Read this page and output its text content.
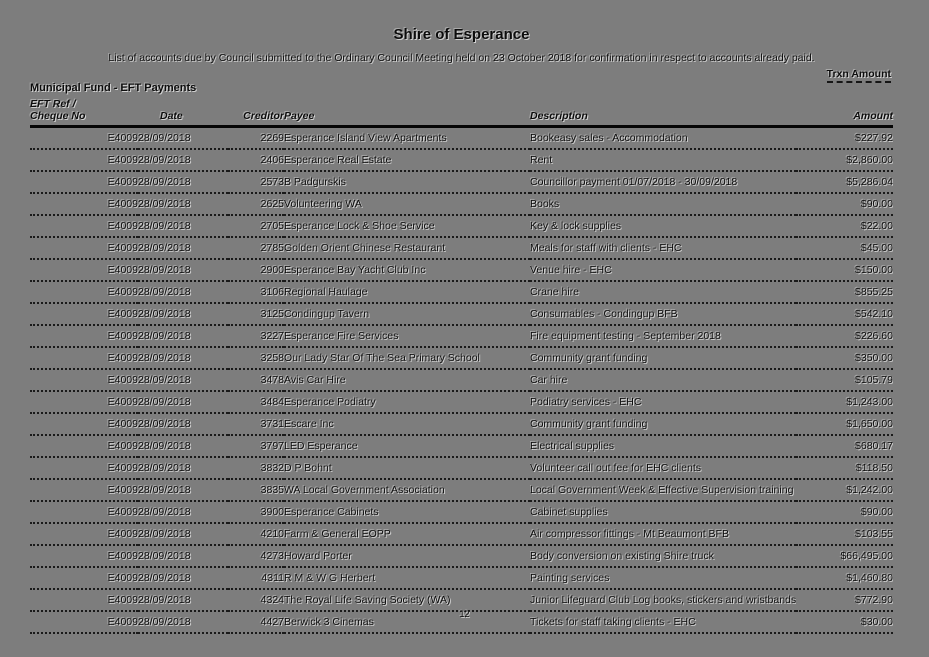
Shire of Esperance
List of accounts due by Council submitted to the Ordinary Council Meeting held on 23 October 2018 for confirmation in respect to accounts already paid.
Trxn Amount
Municipal Fund - EFT Payments
EFT Ref /
Cheque No	Date	Creditor	Payee	Description	Amount
E4009	28/09/2018	2269	Esperance Island View Apartments	Bookeasy sales - Accommodation	$227.92
E4009	28/09/2018	2406	Esperance Real Estate	Rent	$2,860.00
E4009	28/09/2018	2573	B Padgurskis	Councillor payment 01/07/2018 - 30/09/2018	$5,286.04
E4009	28/09/2018	2625	Volunteering WA	Books	$90.00
E4009	28/09/2018	2705	Esperance Lock & Shoe Service	Key & lock supplies	$22.00
E4009	28/09/2018	2785	Golden Orient Chinese Restaurant	Meals for staff with clients - EHC	$45.00
E4009	28/09/2018	2900	Esperance Bay Yacht Club Inc	Venue hire - EHC	$150.00
E4009	28/09/2018	3106	Regional Haulage	Crane hire	$855.25
E4009	28/09/2018	3125	Condingup Tavern	Consumables - Condingup BFB	$542.10
E4009	28/09/2018	3227	Esperance Fire Services	Fire equipment testing - September 2018	$226.60
E4009	28/09/2018	3258	Our Lady Star Of The Sea Primary School	Community grant funding	$350.00
E4009	28/09/2018	3478	Avis Car Hire	Car hire	$105.79
E4009	28/09/2018	3484	Esperance Podiatry	Podiatry services - EHC	$1,243.00
E4009	28/09/2018	3731	Escare Inc	Community grant funding	$1,650.00
E4009	28/09/2018	3797	LED Esperance	Electrical supplies	$680.17
E4009	28/09/2018	3832	D P Bohnt	Volunteer call out fee for EHC clients	$118.50
E4009	28/09/2018	3835	WA Local Government Association	Local Government Week & Effective Supervision training	$1,242.00
E4009	28/09/2018	3900	Esperance Cabinets	Cabinet supplies	$90.00
E4009	28/09/2018	4210	Farm & General EOPP	Air compressor fittings - Mt Beaumont BFB	$103.55
E4009	28/09/2018	4273	Howard Porter	Body conversion on existing Shire truck	$66,495.00
E4009	28/09/2018	4311	R M & W G Herbert	Painting services	$1,460.80
E4009	28/09/2018	4324	The Royal Life Saving Society (WA)	Junior Lifeguard Club Log books, stickers and wristbands	$772.90
E4009	28/09/2018	4427	Berwick 3 Cinemas	Tickets for staff taking clients - EHC	$30.00
12
